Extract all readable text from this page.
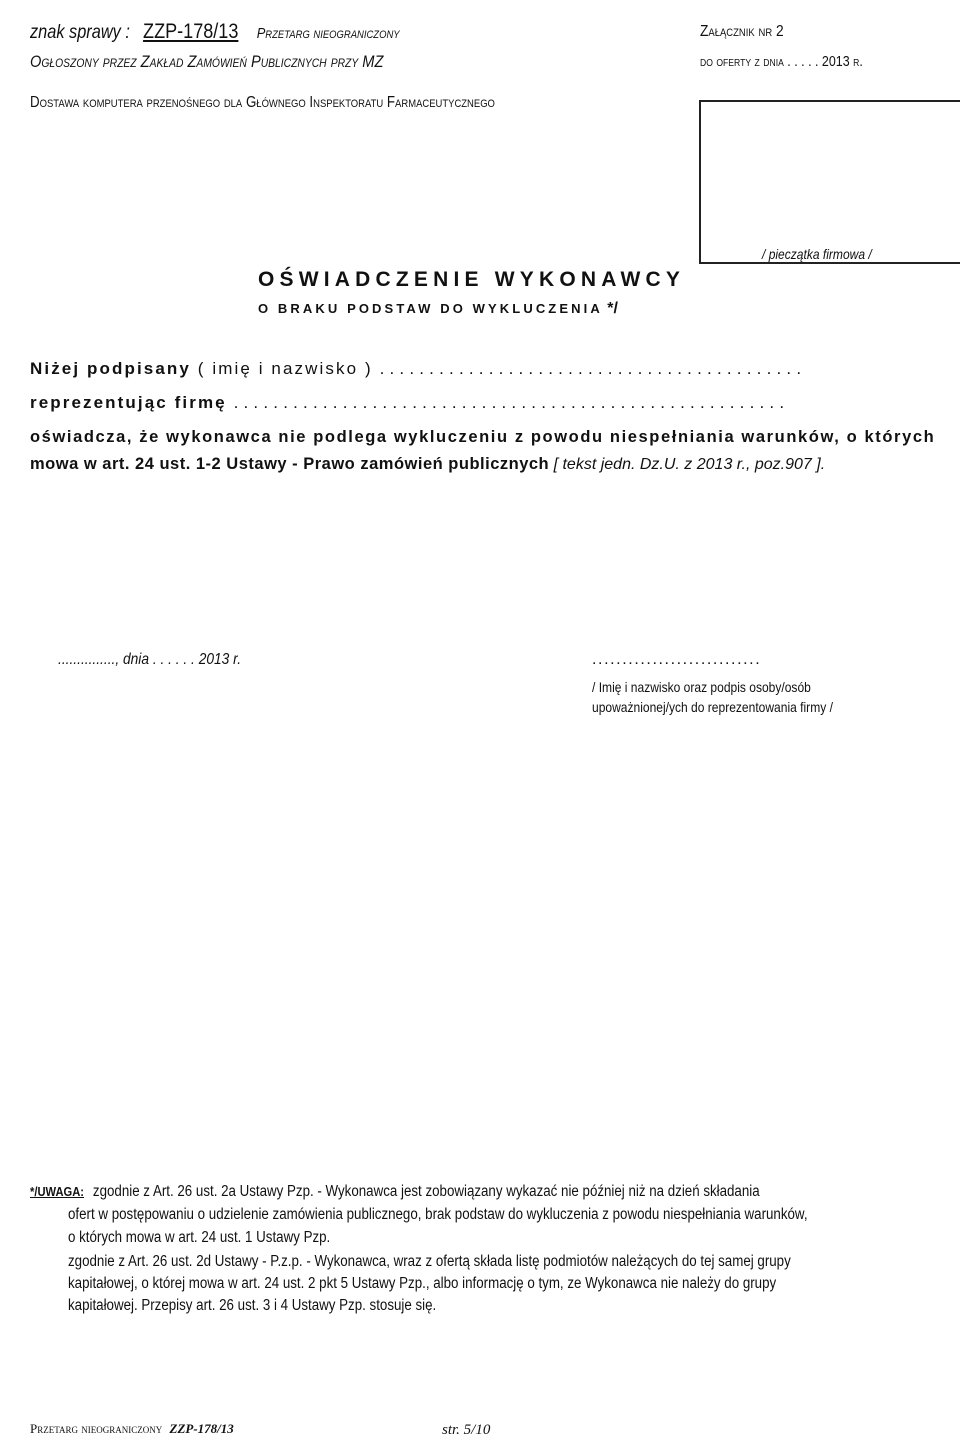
znak sprawy : ZZP-178/13 Przetarg nieograniczony	Załącznik nr 2
Ogłoszony przez Zakład Zamówień Publicznych przy MZ	do oferty z dnia . . . . . 2013 r.
Dostawa komputera przenośnego dla Głównego Inspektoratu Farmaceutycznego
/ pieczątka firmowa /
OŚWIADCZENIE WYKONAWCY
O BRAKU PODSTAW DO WYKLUCZENIA */
Niżej podpisany ( imię i nazwisko ) ...........................................
reprezentując firmę ........................................................
oświadcza, że wykonawca nie podlega wykluczeniu z powodu niespełniania warunków, o których
mowa w art. 24 ust. 1-2 Ustawy - Prawo zamówień publicznych [ tekst jedn. Dz.U. z 2013 r., poz.907 ].
..............., dnia . . . . . . 2013 r.	............................
/ Imię i nazwisko oraz podpis osoby/osób
upoważnionej/ych do reprezentowania firmy /
*/UWAGA: zgodnie z Art. 26 ust. 2a Ustawy Pzp. - Wykonawca jest zobowiązany wykazać nie później niż na dzień składania
ofert w postępowaniu o udzielenie zamówienia publicznego, brak podstaw do wykluczenia z powodu niespełniania warunków,
o których mowa w art. 24 ust. 1 Ustawy Pzp.
zgodnie z Art. 26 ust. 2d Ustawy - P.z.p. - Wykonawca, wraz z ofertą składa listę podmiotów należących do tej samej grupy
kapitałowej, o której mowa w art. 24 ust. 2 pkt 5 Ustawy Pzp., albo informację o tym, ze Wykonawca nie należy do grupy
kapitałowej. Przepisy art. 26 ust. 3 i 4 Ustawy Pzp. stosuje się.
Przetarg nieograniczony ZZP-178/13	str. 5/10
